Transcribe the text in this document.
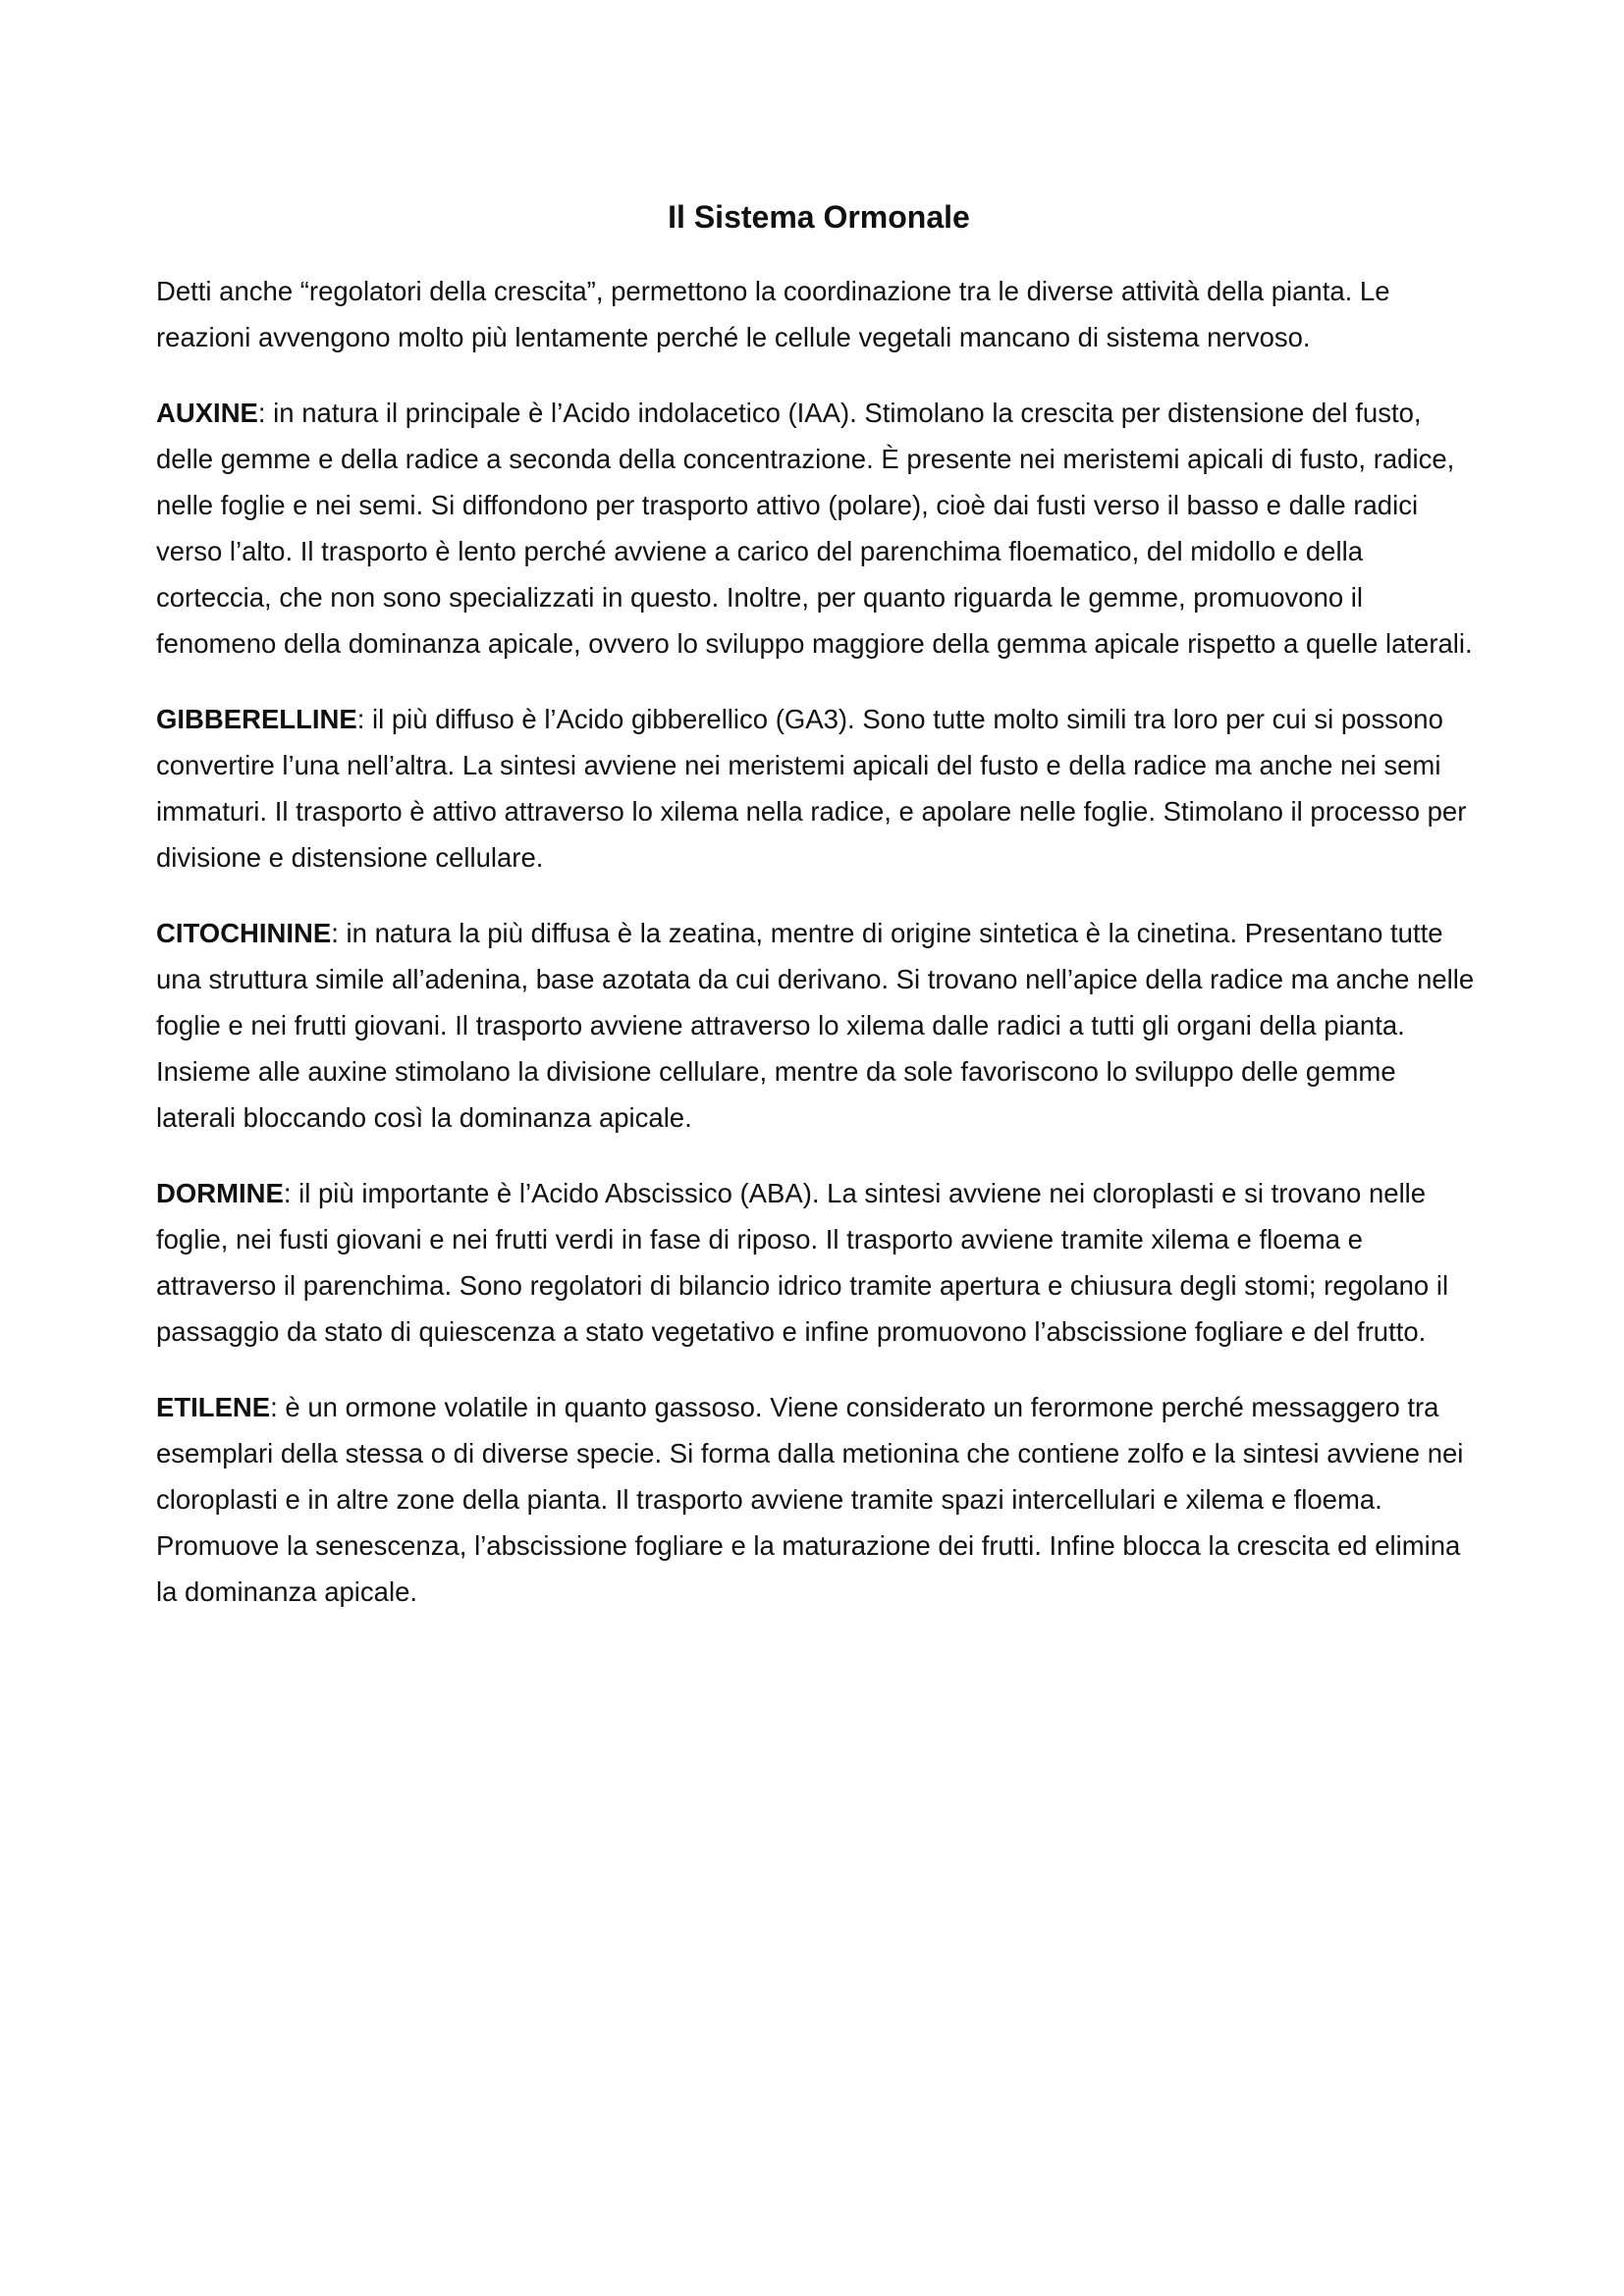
Il Sistema Ormonale

Detti anche “regolatori della crescita”, permettono la coordinazione tra le diverse attività della pianta. Le reazioni avvengono molto più lentamente perché le cellule vegetali mancano di sistema nervoso.

AUXINE: in natura il principale è l’Acido indolacetico (IAA). Stimolano la crescita per distensione del fusto, delle gemme e della radice a seconda della concentrazione. È presente nei meristemi apicali di fusto, radice, nelle foglie e nei semi. Si diffondono per trasporto attivo (polare), cioè dai fusti verso il basso e dalle radici verso l’alto. Il trasporto è lento perché avviene a carico del parenchima floematico, del midollo e della corteccia, che non sono specializzati in questo. Inoltre, per quanto riguarda le gemme, promuovono il fenomeno della dominanza apicale, ovvero lo sviluppo maggiore della gemma apicale rispetto a quelle laterali.

GIBBERELLINE: il più diffuso è l’Acido gibberellico (GA3). Sono tutte molto simili tra loro per cui si possono convertire l’una nell’altra. La sintesi avviene nei meristemi apicali del fusto e della radice ma anche nei semi immaturi. Il trasporto è attivo attraverso lo xilema nella radice, e apolare nelle foglie. Stimolano il processo per divisione e distensione cellulare.

CITOCHININE: in natura la più diffusa è la zeatina, mentre di origine sintetica è la cinetina. Presentano tutte una struttura simile all’adenina, base azotata da cui derivano. Si trovano nell’apice della radice ma anche nelle foglie e nei frutti giovani. Il trasporto avviene attraverso lo xilema dalle radici a tutti gli organi della pianta. Insieme alle auxine stimolano la divisione cellulare, mentre da sole favoriscono lo sviluppo delle gemme laterali bloccando così la dominanza apicale.

DORMINE: il più importante è l’Acido Abscissico (ABA). La sintesi avviene nei cloroplasti e si trovano nelle foglie, nei fusti giovani e nei frutti verdi in fase di riposo. Il trasporto avviene tramite xilema e floema e attraverso il parenchima. Sono regolatori di bilancio idrico tramite apertura e chiusura degli stomi; regolano il passaggio da stato di quiescenza a stato vegetativo e infine promuovono l’abscissione fogliare e del frutto.

ETILENE: è un ormone volatile in quanto gassoso. Viene considerato un ferormone perché messaggero tra esemplari della stessa o di diverse specie. Si forma dalla metionina che contiene zolfo e la sintesi avviene nei cloroplasti e in altre zone della pianta. Il trasporto avviene tramite spazi intercellulari e xilema e floema. Promuove la senescenza, l’abscissione fogliare e la maturazione dei frutti. Infine blocca la crescita ed elimina la dominanza apicale.
